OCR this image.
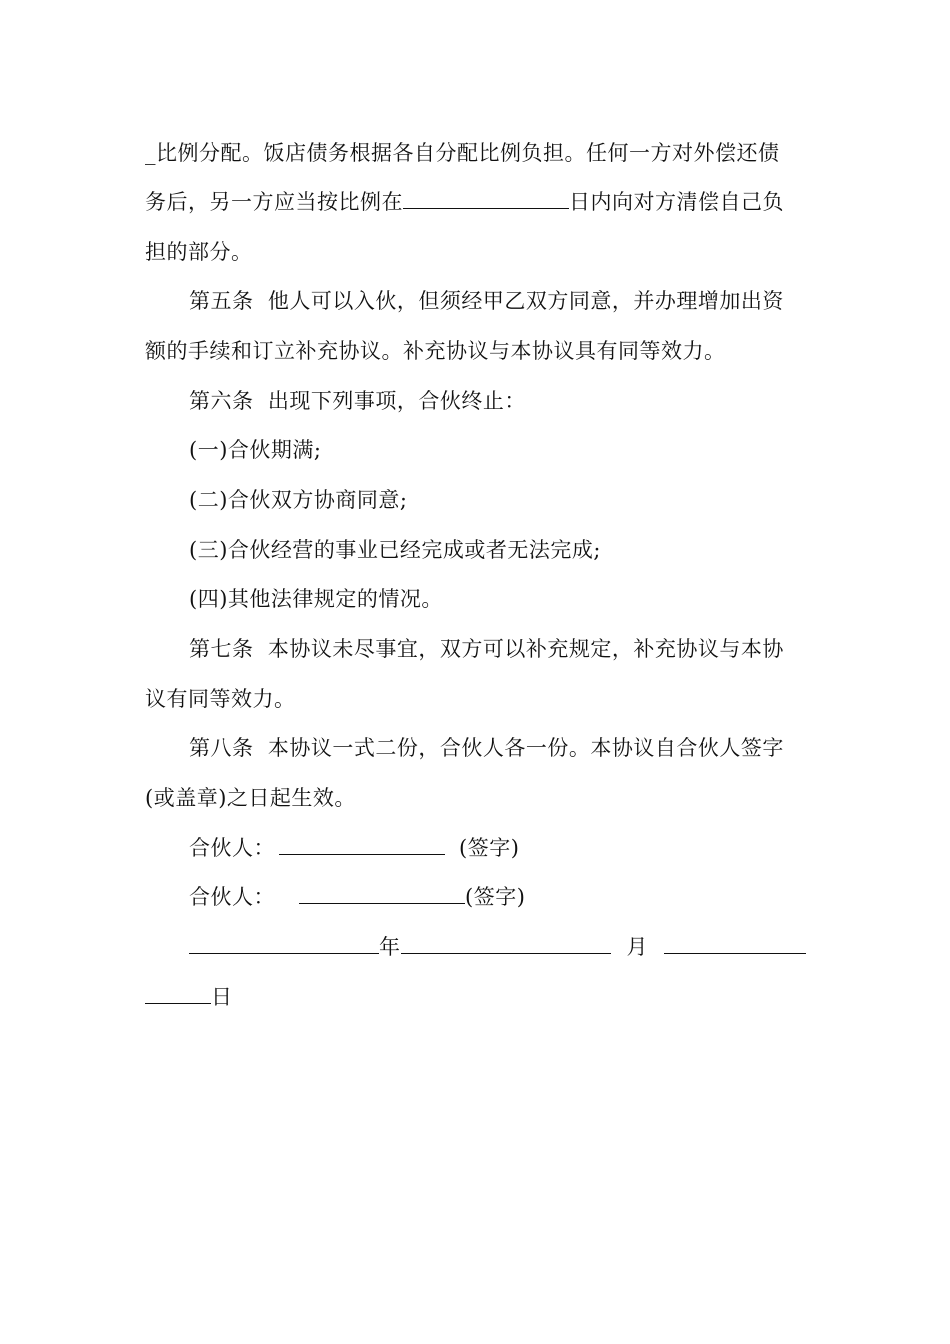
_比例分配。饭店债务根据各自分配比例负担。任何一方对外偿还债
务后，另一方应当按比例在	日内向对方清偿自己负
担的部分。
第五条  他人可以入伙，但须经甲乙双方同意，并办理增加出资
额的手续和订立补充协议。补充协议与本协议具有同等效力。
第六条  出现下列事项，合伙终止：
(一)合伙期满;
(二)合伙双方协商同意;
(三)合伙经营的事业已经完成或者无法完成;
(四)其他法律规定的情况。
第七条  本协议未尽事宜，双方可以补充规定，补充协议与本协
议有同等效力。
第八条  本协议一式二份，合伙人各一份。本协议自合伙人签字
(或盖章)之日起生效。
合伙人：	(签字)
合伙人：	(签字)
年	月
日
